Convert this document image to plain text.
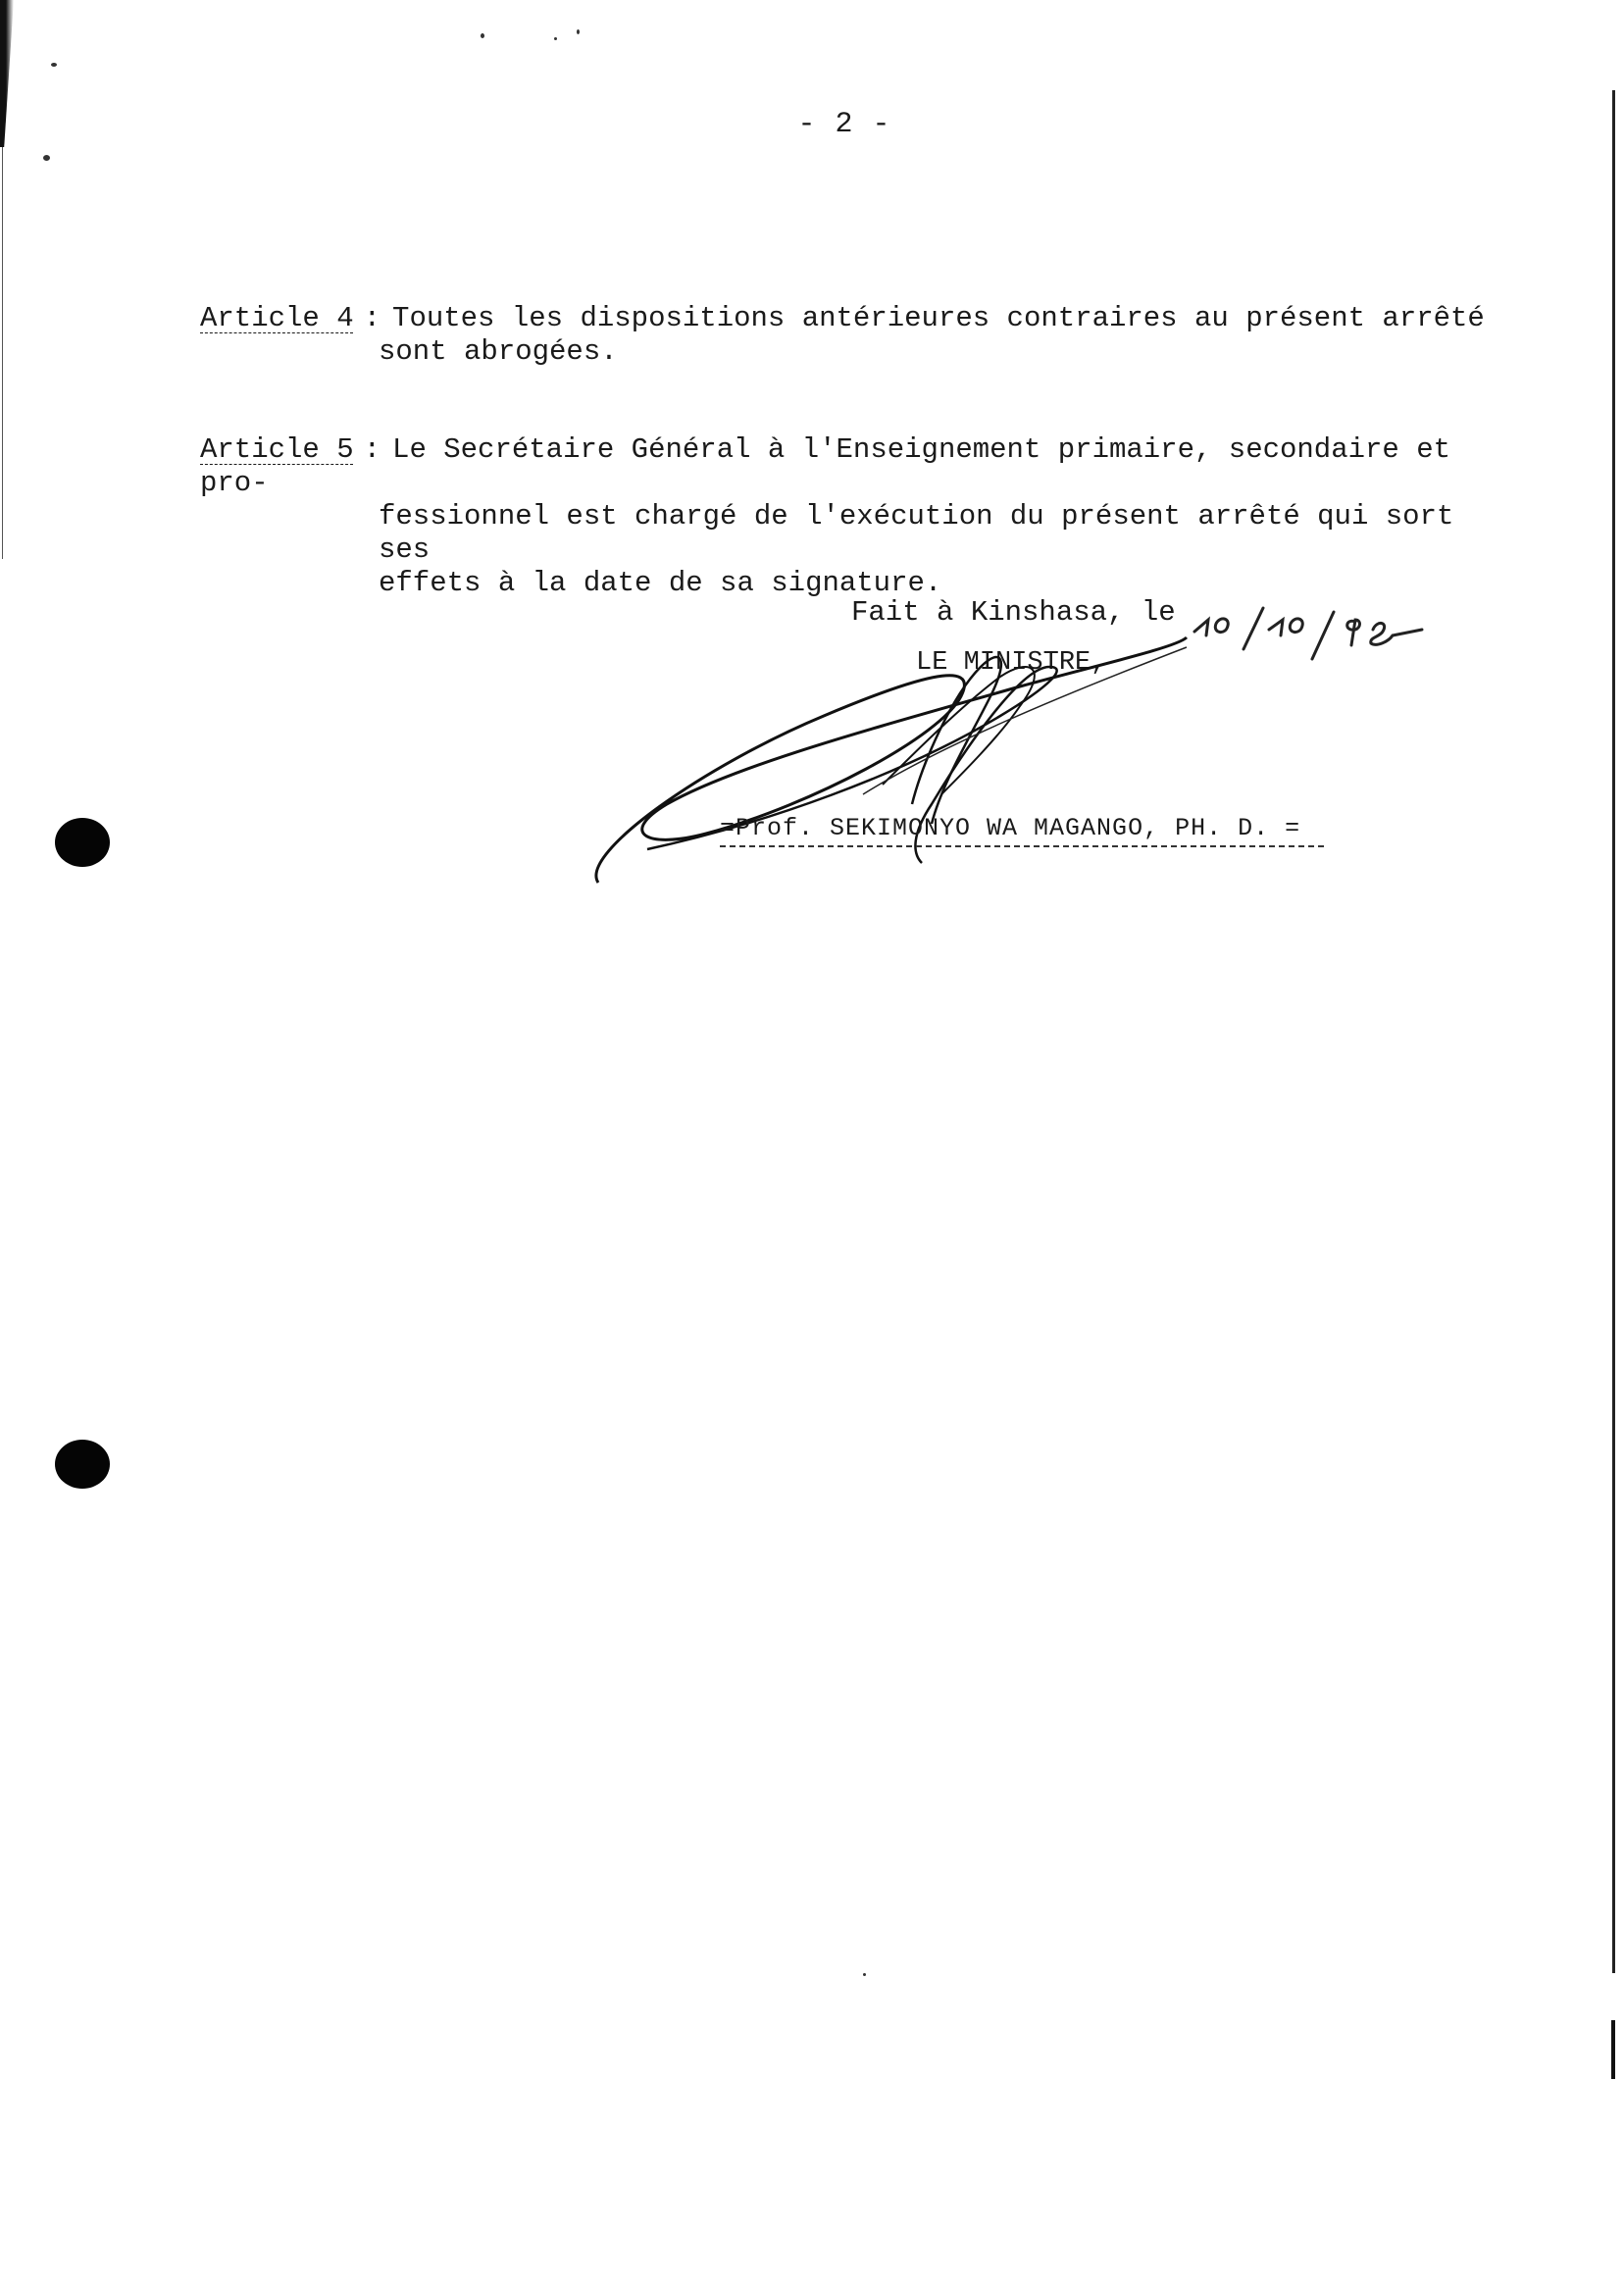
- 2 -
Article 4 : Toutes les dispositions antérieures contraires au présent arrêté
sont abrogées.
Article 5 : Le Secrétaire Général à l'Enseignement primaire, secondaire et pro-
fessionnel est chargé de l'exécution du présent arrêté qui sort ses
effets à la date de sa signature.
Fait à Kinshasa, le
LE MINISTRE,
=Prof. SEKIMONYO WA MAGANGO, PH. D. =
